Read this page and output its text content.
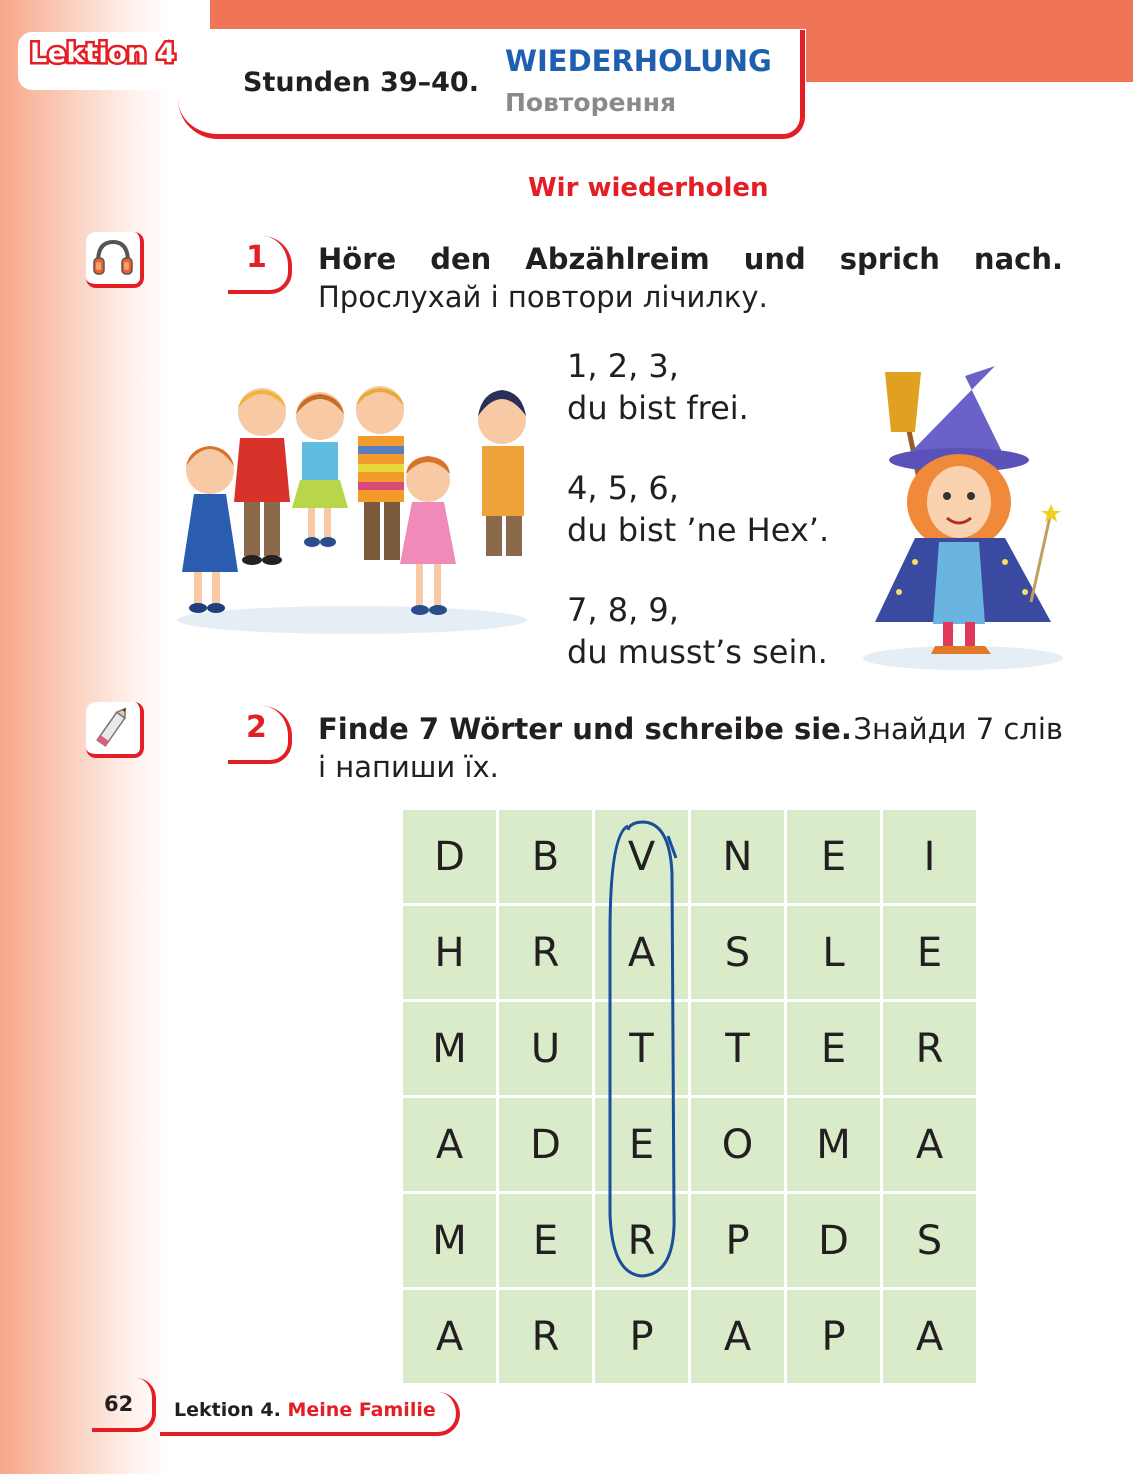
Lektion 4
Stunden 39–40.
WIEDERHOLUNG
Повторення
Wir wiederholen
1 Höre den Abzählreim und sprich nach.
Прослухай і повтори лічилку.
1, 2, 3,
du bist frei.
4, 5, 6,
du bist ’ne Hex’.
7, 8, 9,
du musst’s sein.
2 Finde 7 Wörter und schreibe sie. Знайди 7 слів
і напиши їх.
D	B	V	N	E	I
H	R	A	S	L	E
M	U	T	T	E	R
A	D	E	O	M	A
M	E	R	P	D	S
A	R	P	A	P	A
62 Lektion 4. Meine Familie
